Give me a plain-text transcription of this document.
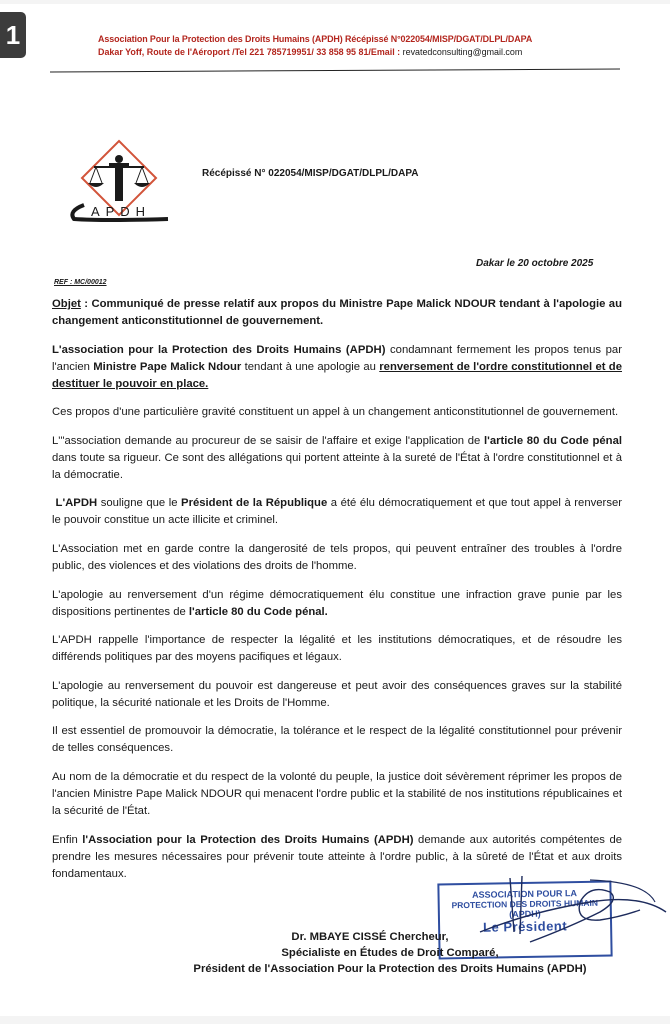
1	Association Pour la Protection des Droits Humains (APDH) Récépissé N°022054/MISP/DGAT/DLPL/DAPA
Dakar Yoff, Route de l'Aéroport /Tel 221 785719951/ 33 858 95 81/Email : revatedconsulting@gmail.com
APDH
Récépissé N° 022054/MISP/DGAT/DLPL/DAPA
Dakar le 20 octobre 2025
REF : MC/00012

Objet : Communiqué de presse relatif aux propos du Ministre Pape Malick NDOUR tendant à l'apologie au changement anticonstitutionnel de gouvernement.

L'association pour la Protection des Droits Humains (APDH) condamnant fermement les propos tenus par l'ancien Ministre Pape Malick Ndour tendant à une apologie au renversement de l'ordre constitutionnel et de destituer le pouvoir en place.

Ces propos d'une particulière gravité constituent un appel à un changement anticonstitutionnel de gouvernement.

L'"association demande au procureur de se saisir de l'affaire et exige l'application de l'article 80 du Code pénal dans toute sa rigueur. Ce sont des allégations qui portent atteinte à la sureté de l'État à l'ordre constitutionnel et à la démocratie.

L'APDH souligne que le Président de la République a été élu démocratiquement et que tout appel à renverser le pouvoir constitue un acte illicite et criminel.

L'Association met en garde contre la dangerosité de tels propos, qui peuvent entraîner des troubles à l'ordre public, des violences et des violations des droits de l'homme.

L'apologie au renversement d'un régime démocratiquement élu constitue une infraction grave punie par les dispositions pertinentes de l'article 80 du Code pénal.

L'APDH rappelle l'importance de respecter la légalité et les institutions démocratiques, et de résoudre les différends politiques par des moyens pacifiques et légaux.

L'apologie au renversement du pouvoir est dangereuse et peut avoir des conséquences graves sur la stabilité politique, la sécurité nationale et les Droits de l'Homme.

Il est essentiel de promouvoir la démocratie, la tolérance et le respect de la légalité constitutionnel pour prévenir de telles conséquences.

Au nom de la démocratie et du respect de la volonté du peuple, la justice doit sévèrement réprimer les propos de l'ancien Ministre Pape Malick NDOUR qui menacent l'ordre public et la stabilité de nos institutions républicaines et la sécurité de l'État.

Enfin l'Association pour la Protection des Droits Humains (APDH) demande aux autorités compétentes de prendre les mesures nécessaires pour prévenir toute atteinte à l'ordre public, à la sûreté de l'État et aux droits fondamentaux.

ASSOCIATION POUR LA
PROTECTION DES DROITS HUMAIN
(APDH)
Le Président
Dr. MBAYE CISSÉ Chercheur,
Spécialiste en Études de Droit Comparé,
Président de l'Association Pour la Protection des Droits Humains (APDH)
